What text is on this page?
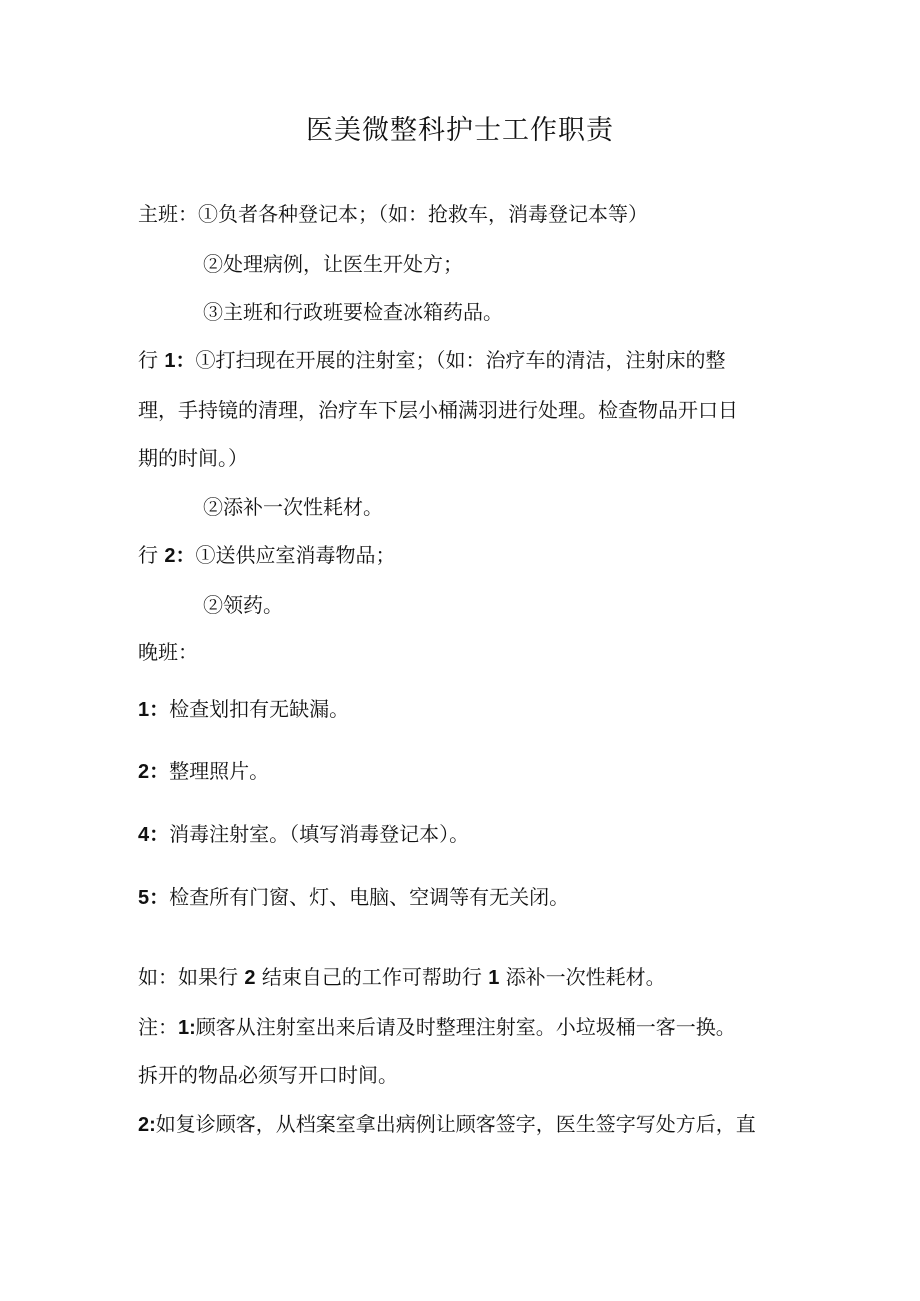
医美微整科护士工作职责
主班：①负者各种登记本；（如：抢救车，消毒登记本等）
②处理病例，让医生开处方；
③主班和行政班要检查冰箱药品。
行 1：①打扫现在开展的注射室；（如：治疗车的清洁，注射床的整
理，手持镜的清理，治疗车下层小桶满羽进行处理。检查物品开口日
期的时间。）
②添补一次性耗材。
行 2：①送供应室消毒物品；
②领药。
晚班：
1：检查划扣有无缺漏。
2：整理照片。
4：消毒注射室。（填写消毒登记本）。
5：检查所有门窗、灯、电脑、空调等有无关闭。
如：如果行 2 结束自己的工作可帮助行 1 添补一次性耗材。
注：1:顾客从注射室出来后请及时整理注射室。小垃圾桶一客一换。
拆开的物品必须写开口时间。
2:如复诊顾客，从档案室拿出病例让顾客签字，医生签字写处方后，直
